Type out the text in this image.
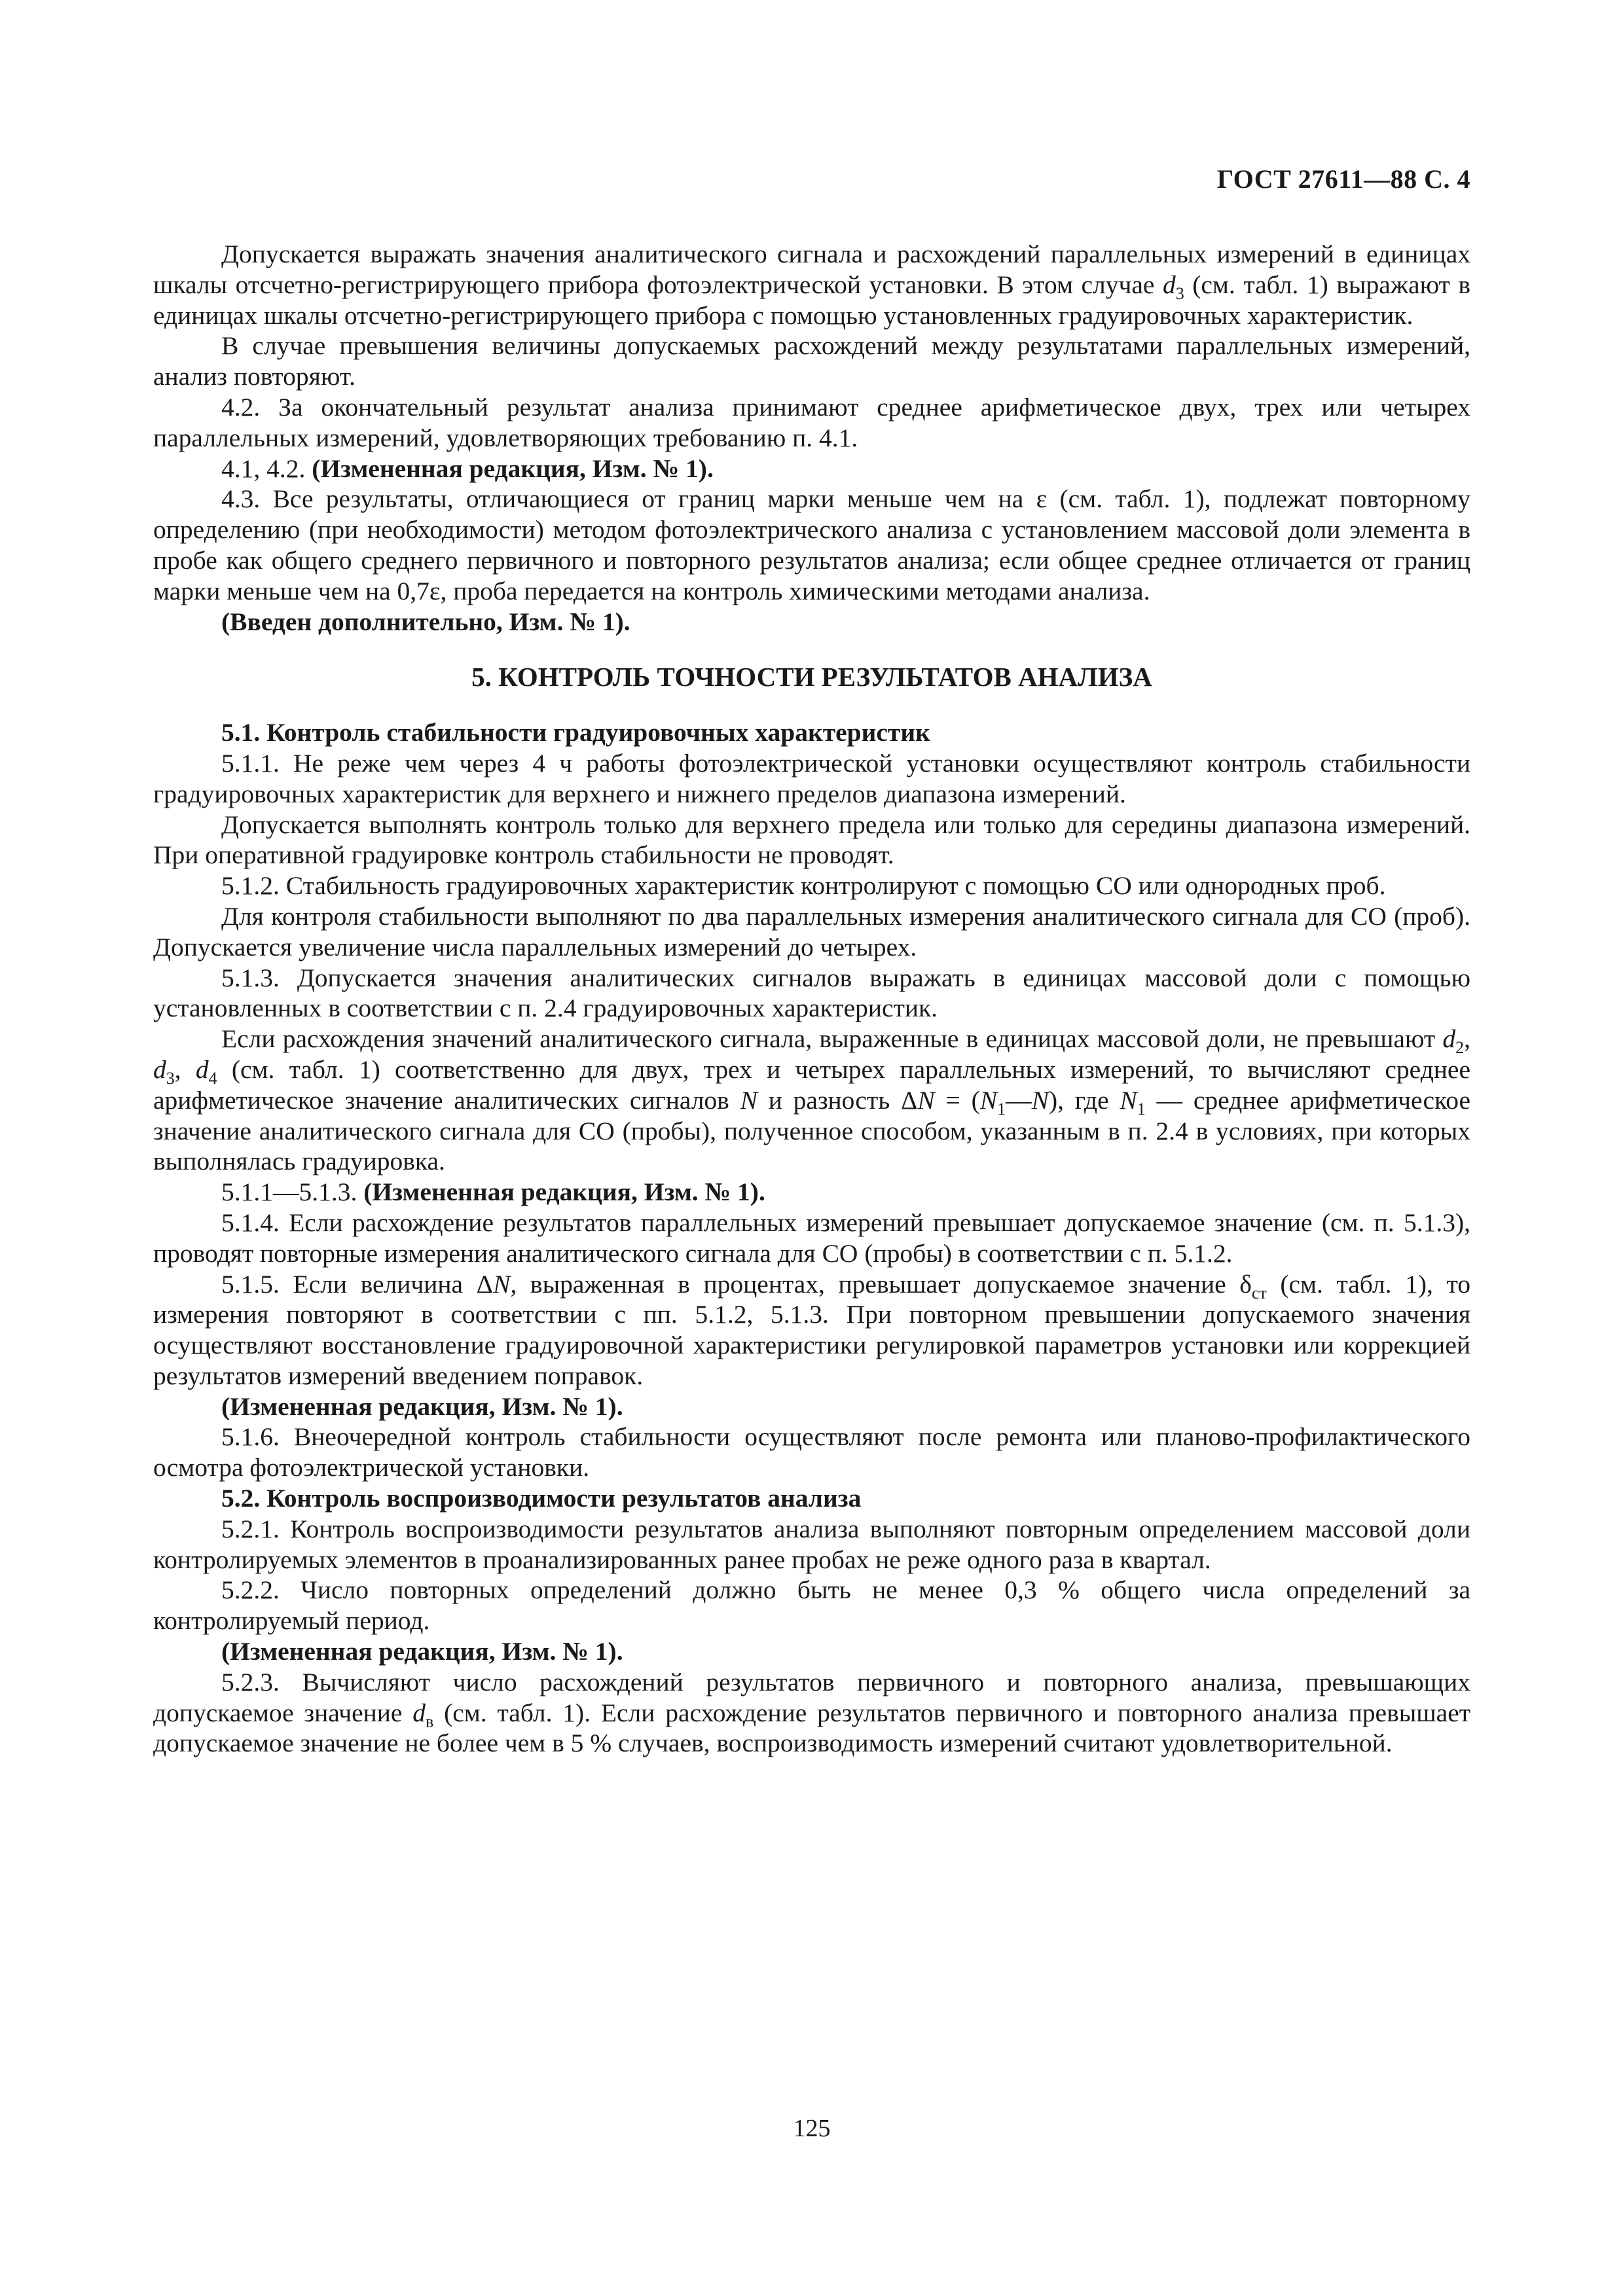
ГОСТ 27611—88 С. 4

Допускается выражать значения аналитического сигнала и расхождений параллельных измерений в единицах шкалы отсчетно-регистрирующего прибора фотоэлектрической установки. В этом случае $d_3$ (см. табл. 1) выражают в единицах шкалы отсчетно-регистрирующего прибора с помощью установленных градуировочных характеристик.

В случае превышения величины допускаемых расхождений между результатами параллельных измерений, анализ повторяют.

4.2. За окончательный результат анализа принимают среднее арифметическое двух, трех или четырех параллельных измерений, удовлетворяющих требованию п. 4.1.

4.1, 4.2. (Измененная редакция, Изм. № 1).

4.3. Все результаты, отличающиеся от границ марки меньше чем на ε (см. табл. 1), подлежат повторному определению (при необходимости) методом фотоэлектрического анализа с установлением массовой доли элемента в пробе как общего среднего первичного и повторного результатов анализа; если общее среднее отличается от границ марки меньше чем на 0,7ε, проба передается на контроль химическими методами анализа.

(Введен дополнительно, Изм. № 1).

5. КОНТРОЛЬ ТОЧНОСТИ РЕЗУЛЬТАТОВ АНАЛИЗА

5.1. Контроль стабильности градуировочных характеристик

5.1.1. Не реже чем через 4 ч работы фотоэлектрической установки осуществляют контроль стабильности градуировочных характеристик для верхнего и нижнего пределов диапазона измерений.

Допускается выполнять контроль только для верхнего предела или только для середины диапазона измерений. При оперативной градуировке контроль стабильности не проводят.

5.1.2. Стабильность градуировочных характеристик контролируют с помощью СО или однородных проб.

Для контроля стабильности выполняют по два параллельных измерения аналитического сигнала для СО (проб). Допускается увеличение числа параллельных измерений до четырех.

5.1.3. Допускается значения аналитических сигналов выражать в единицах массовой доли с помощью установленных в соответствии с п. 2.4 градуировочных характеристик.

Если расхождения значений аналитического сигнала, выраженные в единицах массовой доли, не превышают $d_2$, $d_3$, $d_4$ (см. табл. 1) соответственно для двух, трех и четырех параллельных измерений, то вычисляют среднее арифметическое значение аналитических сигналов N и разность $\Delta N = (N_1—N)$, где $N_1$ — среднее арифметическое значение аналитического сигнала для СО (пробы), полученное способом, указанным в п. 2.4 в условиях, при которых выполнялась градуировка.

5.1.1—5.1.3. (Измененная редакция, Изм. № 1).

5.1.4. Если расхождение результатов параллельных измерений превышает допускаемое значение (см. п. 5.1.3), проводят повторные измерения аналитического сигнала для СО (пробы) в соответствии с п. 5.1.2.

5.1.5. Если величина ΔN, выраженная в процентах, превышает допускаемое значение $\delta_{ст}$ (см. табл. 1), то измерения повторяют в соответствии с пп. 5.1.2, 5.1.3. При повторном превышении допускаемого значения осуществляют восстановление градуировочной характеристики регулировкой параметров установки или коррекцией результатов измерений введением поправок.

(Измененная редакция, Изм. № 1).

5.1.6. Внеочередной контроль стабильности осуществляют после ремонта или планово-профилактического осмотра фотоэлектрической установки.

5.2. Контроль воспроизводимости результатов анализа

5.2.1. Контроль воспроизводимости результатов анализа выполняют повторным определением массовой доли контролируемых элементов в проанализированных ранее пробах не реже одного раза в квартал.

5.2.2. Число повторных определений должно быть не менее 0,3 % общего числа определений за контролируемый период.

(Измененная редакция, Изм. № 1).

5.2.3. Вычисляют число расхождений результатов первичного и повторного анализа, превышающих допускаемое значение $d_в$ (см. табл. 1). Если расхождение результатов первичного и повторного анализа превышает допускаемое значение не более чем в 5 % случаев, воспроизводимость измерений считают удовлетворительной.

125
